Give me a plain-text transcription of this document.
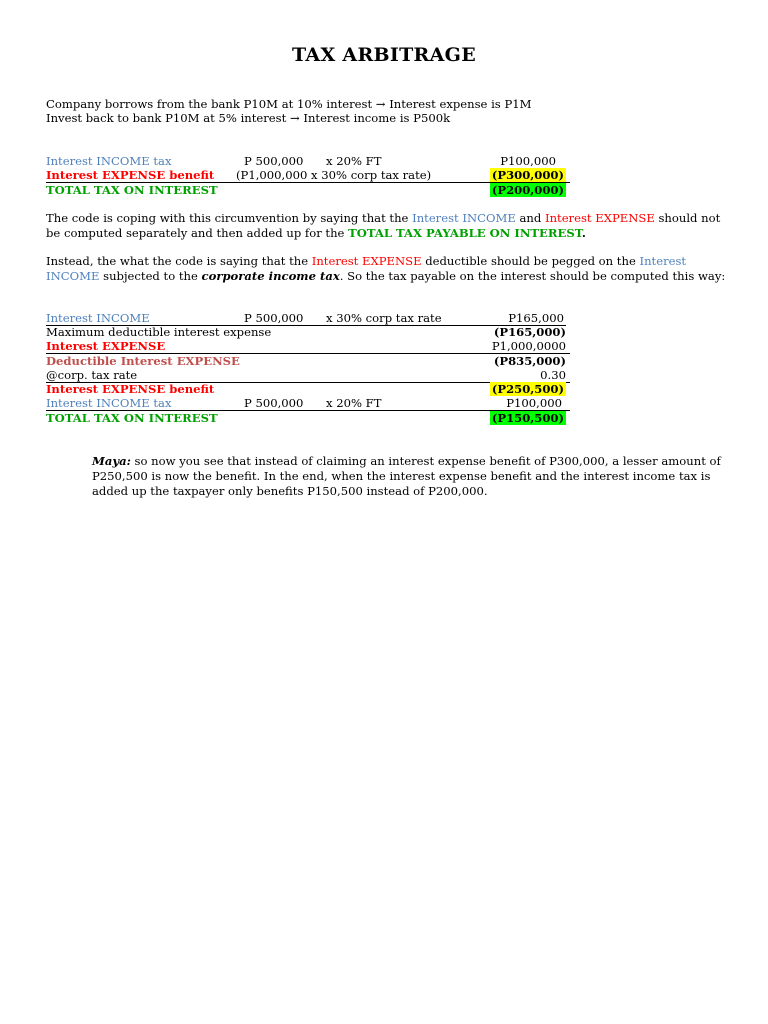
TAX ARBITRAGE
Company borrows from the bank P10M at 10% interest → Interest expense is P1M
Invest back to bank P10M at 5% interest → Interest income is P500k
Interest INCOME tax	P 500,000 x 20% FT	P100,000
Interest EXPENSE benefit (P1,000,000 x 30% corp tax rate)	(P300,000)
TOTAL TAX ON INTEREST	(P200,000)
The code is coping with this circumvention by saying that the Interest INCOME and Interest EXPENSE should not be computed separately and then added up for the TOTAL TAX PAYABLE ON INTEREST.
Instead, the what the code is saying that the Interest EXPENSE deductible should be pegged on the Interest INCOME subjected to the corporate income tax. So the tax payable on the interest should be computed this way:
Interest INCOME	P 500,000 x 30% corp tax rate	P165,000
Maximum deductible interest expense	(P165,000)
Interest EXPENSE	P1,000,0000
Deductible Interest EXPENSE	(P835,000)
@corp. tax rate	0.30
Interest EXPENSE benefit	(P250,500)
Interest INCOME tax	P 500,000 x 20% FT	P100,000
TOTAL TAX ON INTEREST	(P150,500)
Maya: so now you see that instead of claiming an interest expense benefit of P300,000, a lesser amount of P250,500 is now the benefit. In the end, when the interest expense benefit and the interest income tax is added up the taxpayer only benefits P150,500 instead of P200,000.
